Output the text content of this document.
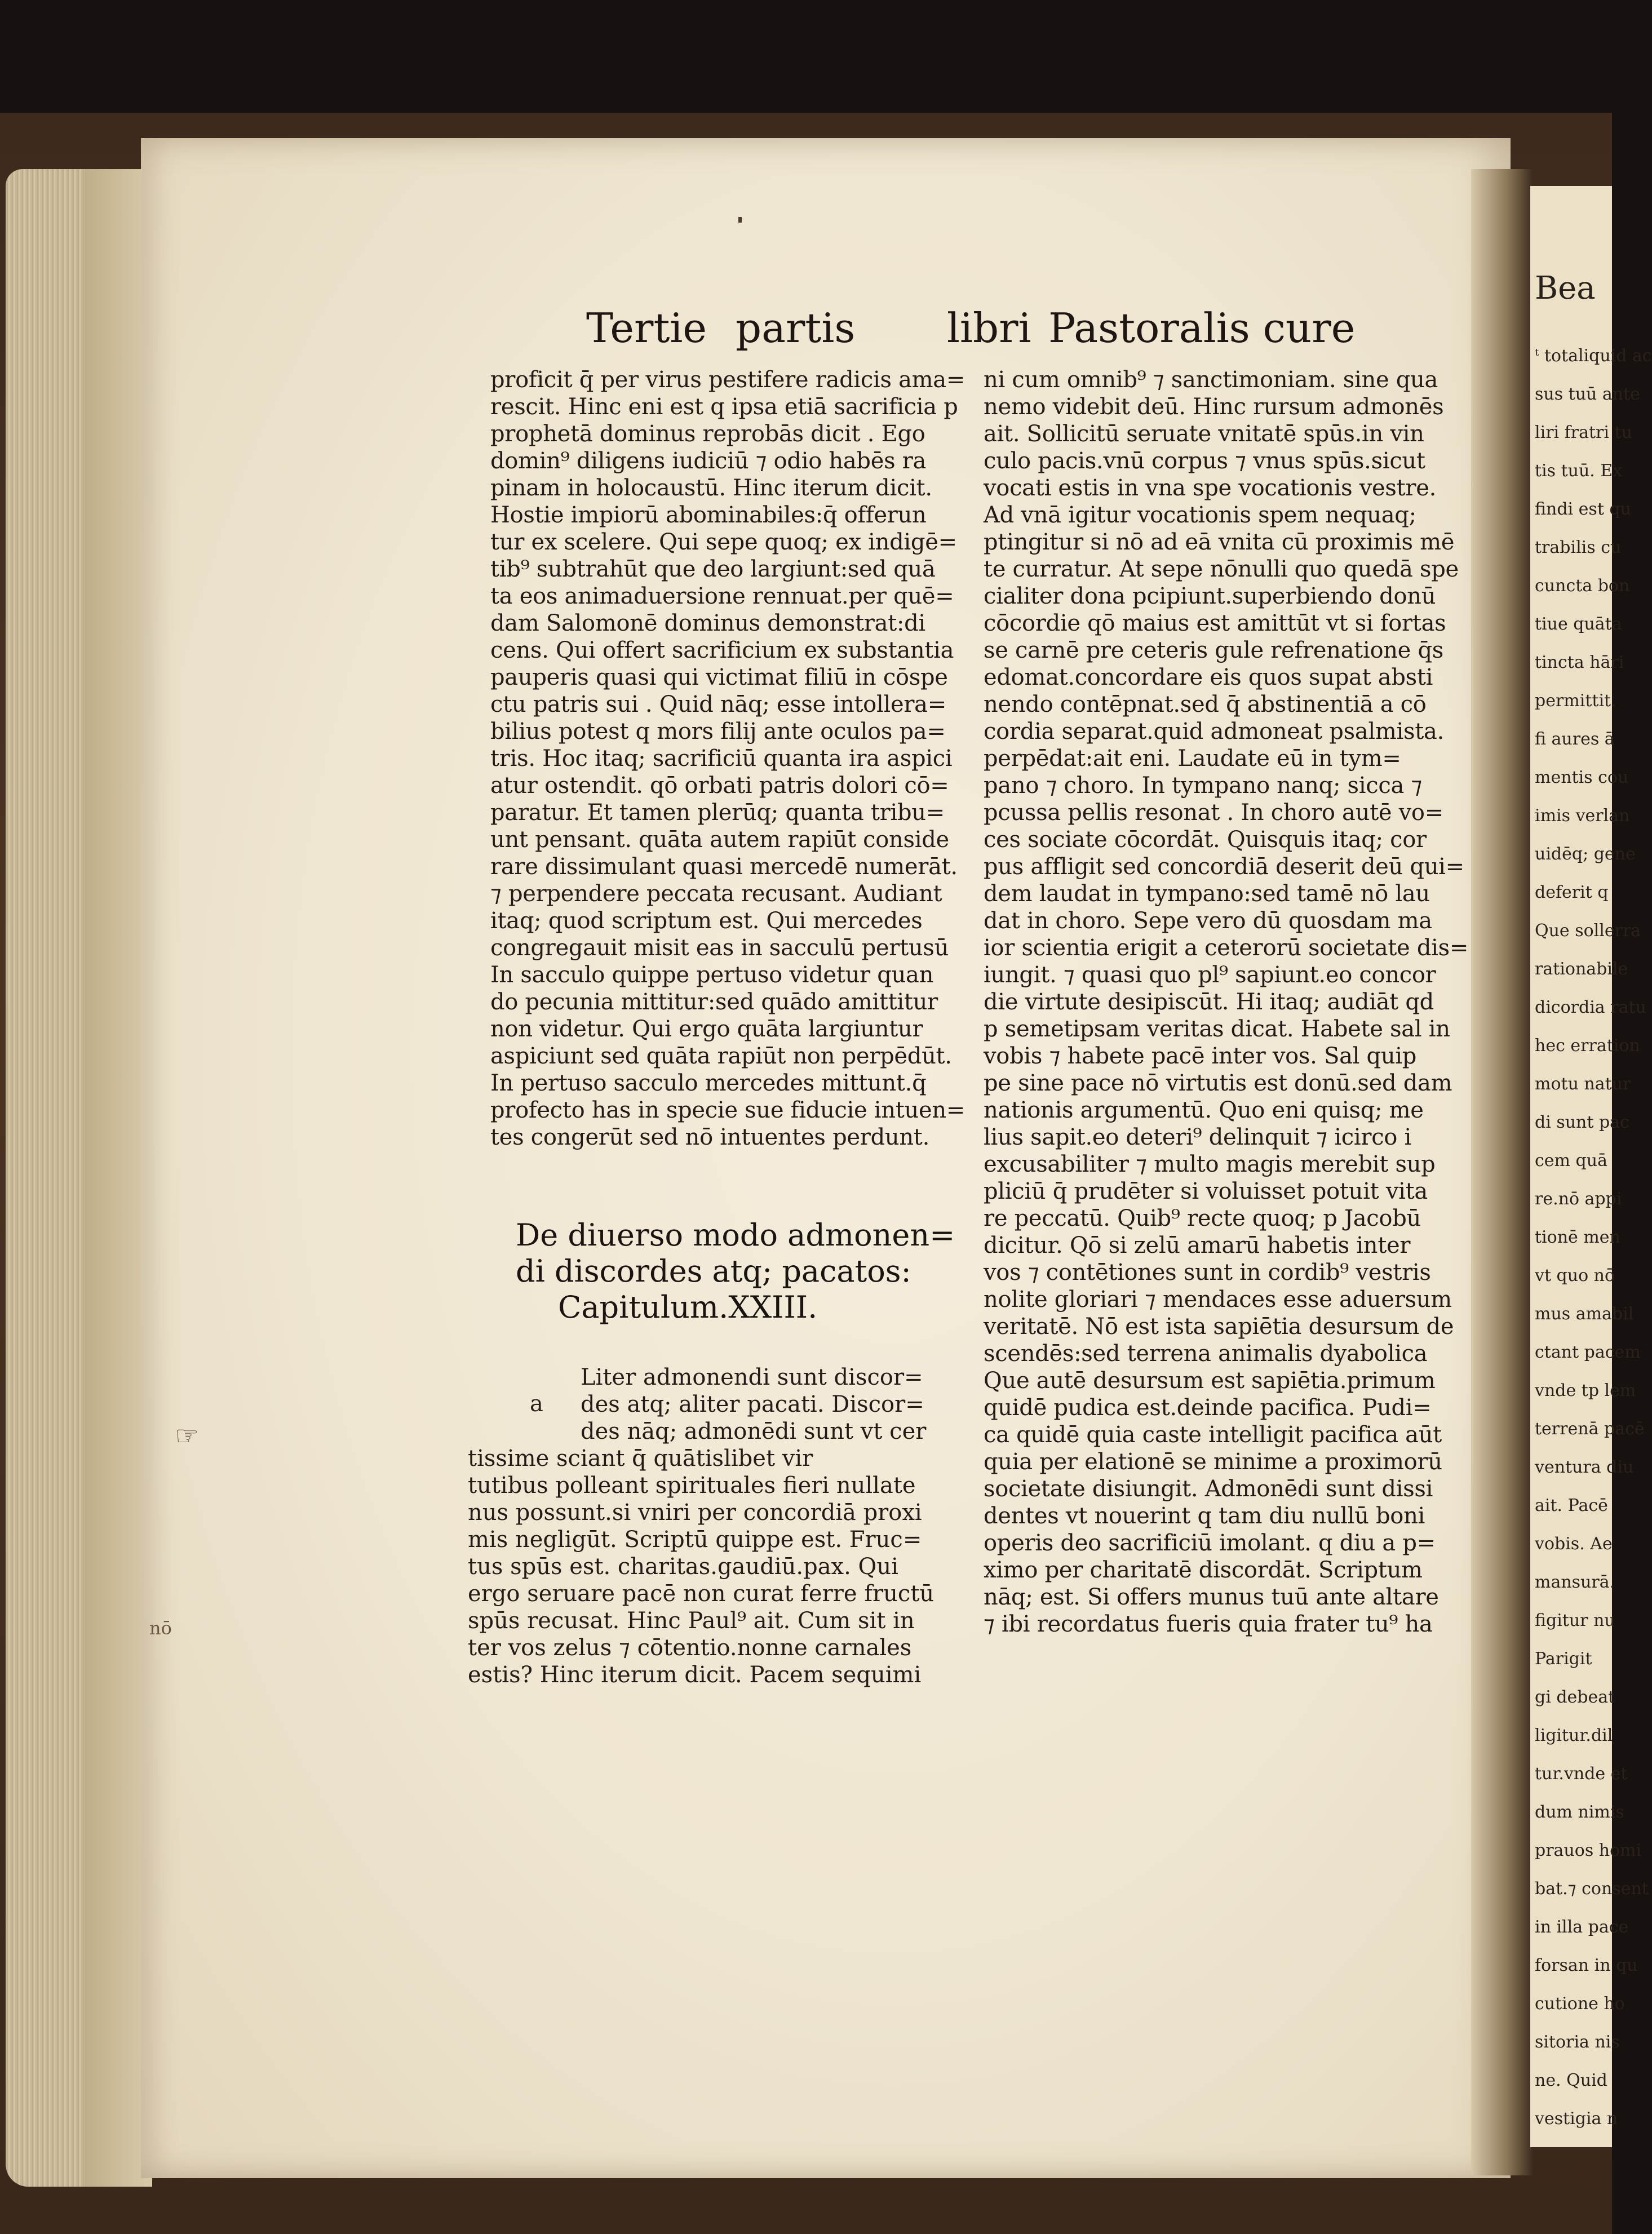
Tertie partis libri Pastoralis cure
proficit q̄ per virus pestifere radicis ama=
rescit. Hinc eni est q ipsa etiā sacrificia p
prophetā dominus reprobās dicit . Ego
domin⁹ diligens iudiciū ⁊ odio habēs ra
pinam in holocaustū. Hinc iterum dicit.
Hostie impiorū abominabiles:q̄ offerun
tur ex scelere. Qui sepe quoq; ex indigē=
tib⁹ subtrahūt que deo largiunt:sed quā
ta eos animaduersione rennuat.per quē=
dam Salomonē dominus demonstrat:di
cens. Qui offert sacrificium ex substantia
pauperis quasi qui victimat filiū in cōspe
ctu patris sui . Quid nāq; esse intollera=
bilius potest q mors filij ante oculos pa=
tris. Hoc itaq; sacrificiū quanta ira aspici
atur ostendit. qō orbati patris dolori cō=
paratur. Et tamen plerūq; quanta tribu=
unt pensant. quāta autem rapiūt conside
rare dissimulant quasi mercedē numerāt.
⁊ perpendere peccata recusant. Audiant
itaq; quod scriptum est. Qui mercedes
congregauit misit eas in sacculū pertusū
In sacculo quippe pertuso videtur quan
do pecunia mittitur:sed quādo amittitur
non videtur. Qui ergo quāta largiuntur
aspiciunt sed quāta rapiūt non perpēdūt.
In pertuso sacculo mercedes mittunt.q̄
profecto has in specie sue fiducie intuen=
tes congerūt sed nō intuentes perdunt.
De diuerso modo admonen=
di discordes atq; pacatos:
Capitulum.XXIII.
a
Liter admonendi sunt discor=
des atq; aliter pacati. Discor=
des nāq; admonēdi sunt vt cer
tissime sciant q̄ quātislibet vir
tutibus polleant spirituales fieri nullate
nus possunt.si vniri per concordiā proxi
mis negligūt. Scriptū quippe est. Fruc=
tus spūs est. charitas.gaudiū.pax. Qui
ergo seruare pacē non curat ferre fructū
spūs recusat. Hinc Paul⁹ ait. Cum sit in
ter vos zelus ⁊ cōtentio.nonne carnales
estis? Hinc iterum dicit. Pacem sequimi
ni cum omnib⁹ ⁊ sanctimoniam. sine qua
nemo videbit deū. Hinc rursum admonēs
ait. Sollicitū seruate vnitatē spūs.in vin
culo pacis.vnū corpus ⁊ vnus spūs.sicut
vocati estis in vna spe vocationis vestre.
Ad vnā igitur vocationis spem nequaq;
ptingitur si nō ad eā vnita cū proximis mē
te curratur. At sepe nōnulli quo quedā spe
cialiter dona pcipiunt.superbiendo donū
cōcordie qō maius est amittūt vt si fortas
se carnē pre ceteris gule refrenatione q̄s
edomat.concordare eis quos supat absti
nendo contēpnat.sed q̄ abstinentiā a cō
cordia separat.quid admoneat psalmista.
perpēdat:ait eni. Laudate eū in tym=
pano ⁊ choro. In tympano nanq; sicca ⁊
pcussa pellis resonat . In choro autē vo=
ces sociate cōcordāt. Quisquis itaq; cor
pus affligit sed concordiā deserit deū qui=
dem laudat in tympano:sed tamē nō lau
dat in choro. Sepe vero dū quosdam ma
ior scientia erigit a ceterorū societate dis=
iungit. ⁊ quasi quo pl⁹ sapiunt.eo concor
die virtute desipiscūt. Hi itaq; audiāt qd
p semetipsam veritas dicat. Habete sal in
vobis ⁊ habete pacē inter vos. Sal quip
pe sine pace nō virtutis est donū.sed dam
nationis argumentū. Quo eni quisq; me
lius sapit.eo deteri⁹ delinquit ⁊ icirco i
excusabiliter ⁊ multo magis merebit sup
pliciū q̄ prudēter si voluisset potuit vita
re peccatū. Quib⁹ recte quoq; p Jacobū
dicitur. Qō si zelū amarū habetis inter
vos ⁊ contētiones sunt in cordib⁹ vestris
nolite gloriari ⁊ mendaces esse aduersum
veritatē. Nō est ista sapiētia desursum de
scendēs:sed terrena animalis dyabolica
Que autē desursum est sapiētia.primum
quidē pudica est.deinde pacifica. Pudi=
ca quidē quia caste intelligit pacifica aūt
quia per elationē se minime a proximorū
societate disiungit. Admonēdi sunt dissi
dentes vt nouerint q tam diu nullū boni
operis deo sacrificiū imolant. q diu a p=
ximo per charitatē discordāt. Scriptum
nāq; est. Si offers munus tuū ante altare
⁊ ibi recordatus fueris quia frater tu⁹ ha
☞
nō
Bea
ᵗ totaliquid ac
sus tuū ante
liri fratri tu
tis tuū. Ex
findi est qu
trabilis cu
cuncta bon
tiue quāta
tincta hāri
permittit.
fi aures ā
mentis cou
imis verlan
uidēq; gene
deferit q
Que sollerra
rationabile
dicordia ratu
hec erration
motu natur
di sunt pac
cem quā
re.nō appi
tionē men
vt quo nō
mus amabil
ctant pacem
vnde tp lem
terrenā pacē
ventura diu
ait. Pacē
vobis. Ae
mansurā.
figitur nu
Parigit
gi debeat
ligitur.dil
tur.vnde et
dum nimis
prauos homi
bat.⁊ consent
in illa pace
forsan in qu
cutione ho
sitoria nis
ne. Quid
vestigia n
